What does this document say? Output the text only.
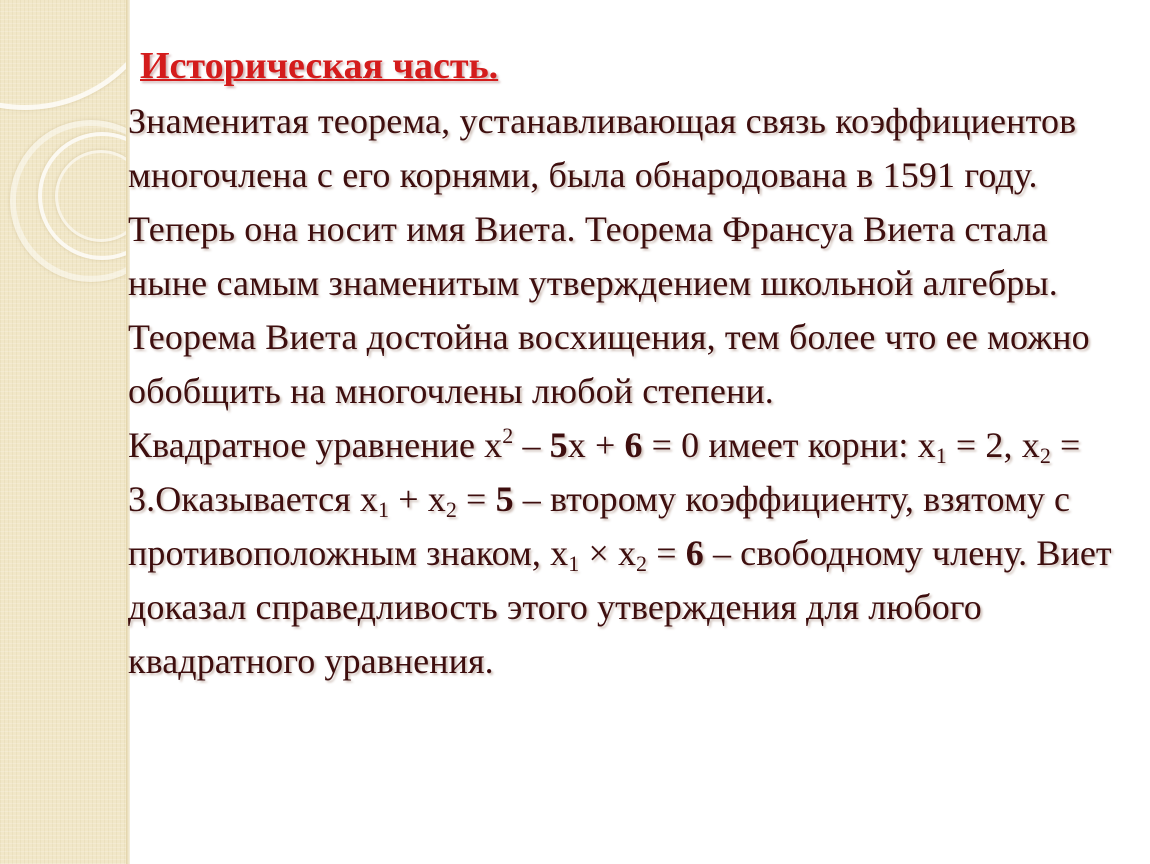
Историческая часть.

Знаменитая теорема, устанавливающая связь коэффициентов многочлена с его корнями, была обнародована в 1591 году. Теперь она носит имя Виета. Теорема Франсуа Виета стала ныне самым знаменитым утверждением школьной алгебры. Теорема Виета достойна восхищения, тем более что ее можно обобщить на многочлены любой степени.

Квадратное уравнение $х^2 - 5х + 6 = 0$ имеет корни: $х_1 = 2$, $х_2$ = 3.Оказывается $х_1 + х_2 = 5$ – второму коэффициенту, взятому с противоположным знаком, $х_1 \times х_2 = 6$ – свободному члену. Виет доказал справедливость этого утверждения для любого квадратного уравнения.
